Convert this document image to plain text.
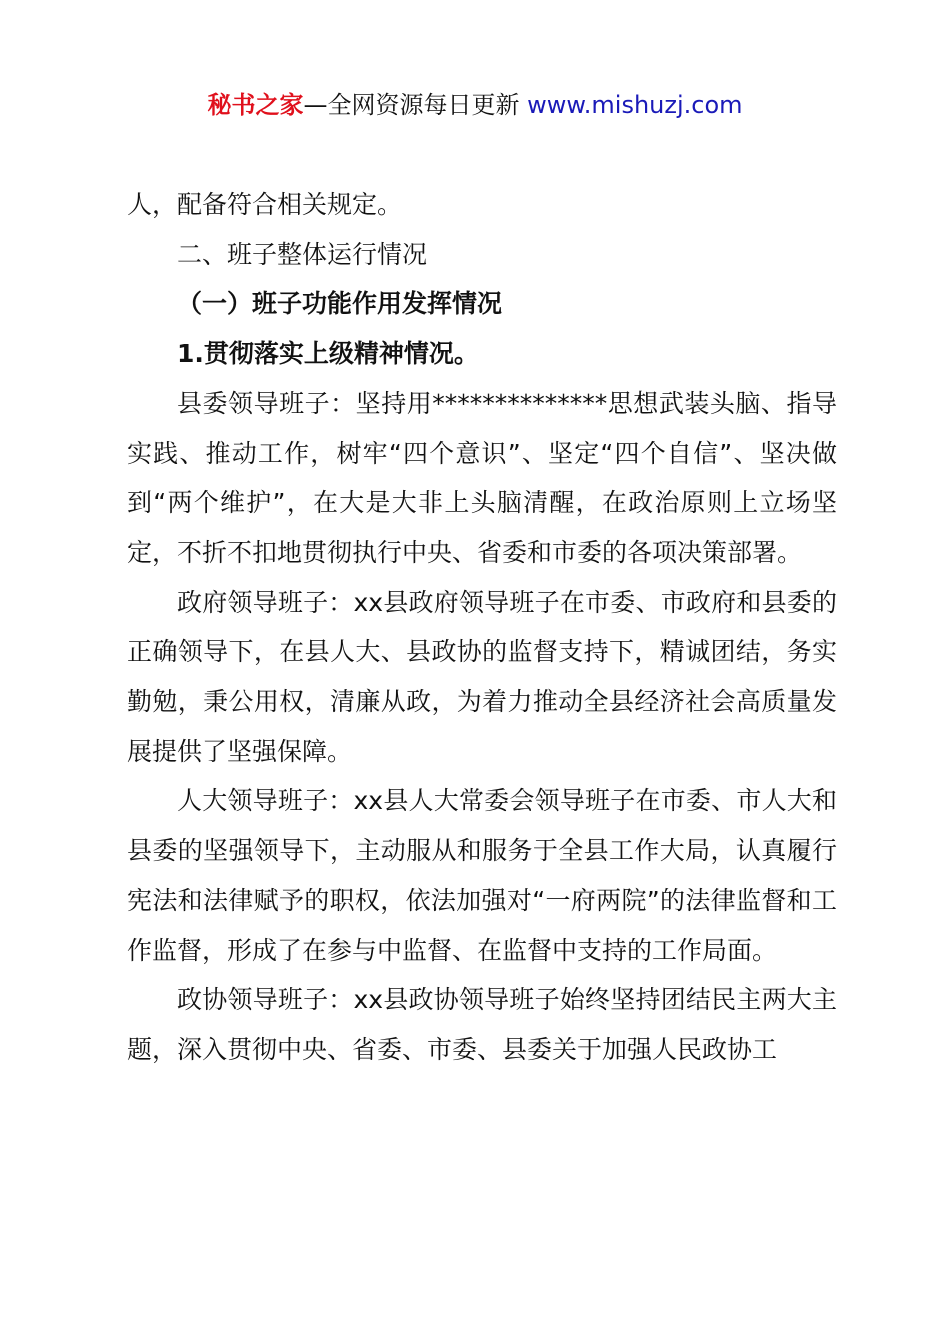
秘书之家—全网资源每日更新 www.mishuzj.com

人，配备符合相关规定。

二、班子整体运行情况

（一）班子功能作用发挥情况

1.贯彻落实上级精神情况。

县委领导班子：坚持用**************思想武装头脑、指导实践、推动工作，树牢“四个意识”、坚定“四个自信”、坚决做到“两个维护”，在大是大非上头脑清醒，在政治原则上立场坚定，不折不扣地贯彻执行中央、省委和市委的各项决策部署。

政府领导班子：xx县政府领导班子在市委、市政府和县委的正确领导下，在县人大、县政协的监督支持下，精诚团结，务实勤勉，秉公用权，清廉从政，为着力推动全县经济社会高质量发展提供了坚强保障。

人大领导班子：xx县人大常委会领导班子在市委、市人大和县委的坚强领导下，主动服从和服务于全县工作大局，认真履行宪法和法律赋予的职权，依法加强对“一府两院”的法律监督和工作监督，形成了在参与中监督、在监督中支持的工作局面。

政协领导班子：xx县政协领导班子始终坚持团结民主两大主题，深入贯彻中央、省委、市委、县委关于加强人民政协工
